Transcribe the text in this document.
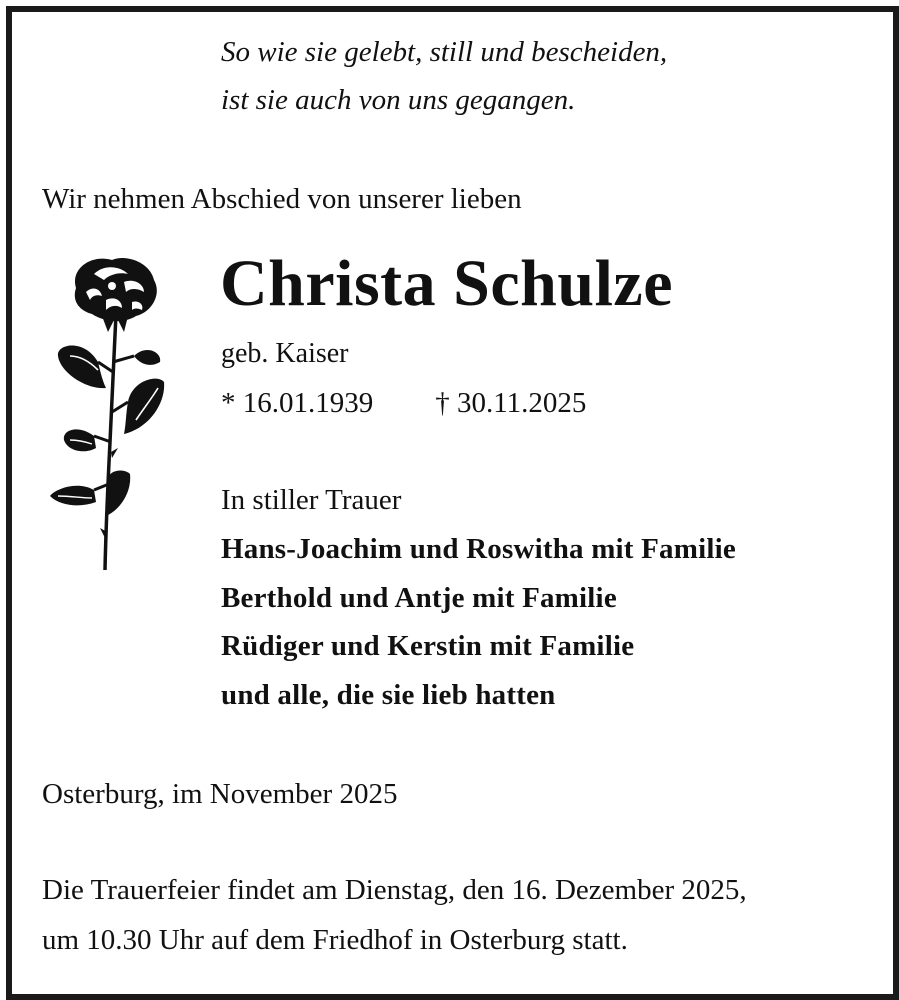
So wie sie gelebt, still und bescheiden,
ist sie auch von uns gegangen.
Wir nehmen Abschied von unserer lieben
Christa Schulze
geb. Kaiser
* 16.01.1939 † 30.11.2025
In stiller Trauer
Hans-Joachim und Roswitha mit Familie
Berthold und Antje mit Familie
Rüdiger und Kerstin mit Familie
und alle, die sie lieb hatten
Osterburg, im November 2025
Die Trauerfeier findet am Dienstag, den 16. Dezember 2025,
um 10.30 Uhr auf dem Friedhof in Osterburg statt.
